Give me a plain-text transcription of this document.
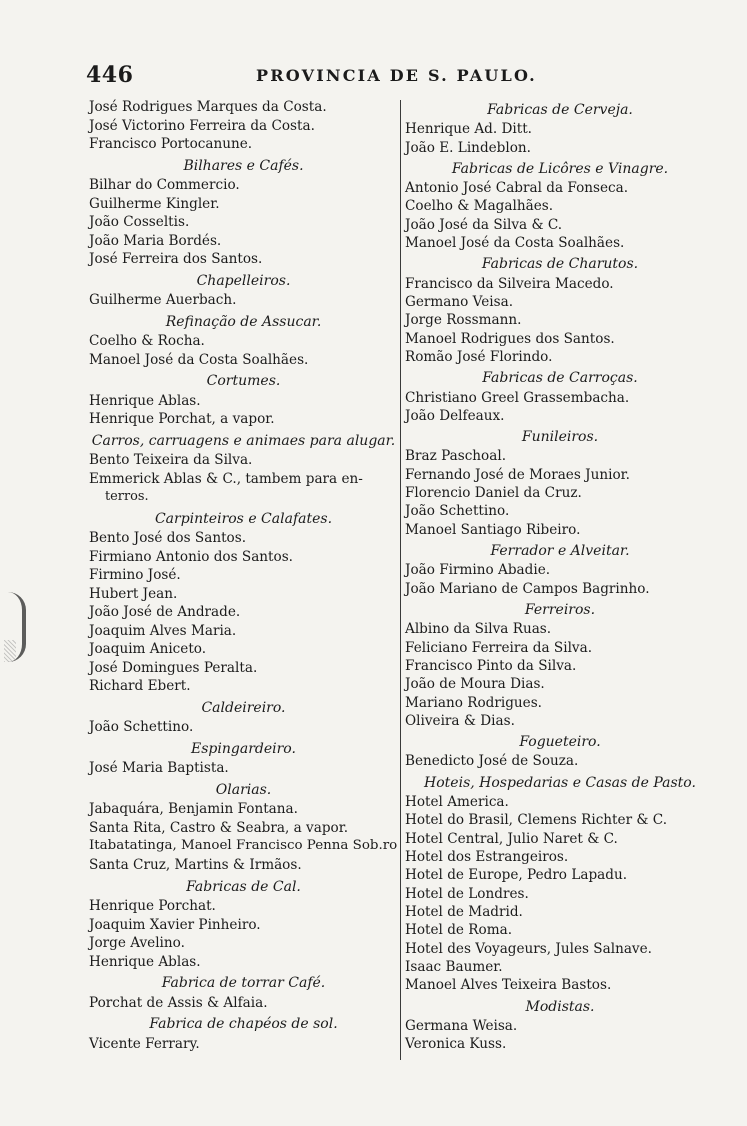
446	PROVINCIA DE S. PAULO.
José Rodrigues Marques da Costa.
José Victorino Ferreira da Costa.
Francisco Portocanune.
Bilhares e Cafés.
Bilhar do Commercio.
Guilherme Kingler.
João Cosseltis.
João Maria Bordés.
José Ferreira dos Santos.
Chapelleiros.
Guilherme Auerbach.
Refinação de Assucar.
Coelho & Rocha.
Manoel José da Costa Soalhães.
Cortumes.
Henrique Ablas.
Henrique Porchat, a vapor.
Carros, carruagens e animaes para alugar.
Bento Teixeira da Silva.
Emmerick Ablas & C., tambem para en-
terros.
Carpinteiros e Calafates.
Bento José dos Santos.
Firmiano Antonio dos Santos.
Firmino José.
Hubert Jean.
João José de Andrade.
Joaquim Alves Maria.
Joaquim Aniceto.
José Domingues Peralta.
Richard Ebert.
Caldeireiro.
João Schettino.
Espingardeiro.
José Maria Baptista.
Olarias.
Jabaquára, Benjamin Fontana.
Santa Rita, Castro & Seabra, a vapor.
Itabatatinga, Manoel Francisco Penna Sob.ro
Santa Cruz, Martins & Irmãos.
Fabricas de Cal.
Henrique Porchat.
Joaquim Xavier Pinheiro.
Jorge Avelino.
Henrique Ablas.
Fabrica de torrar Café.
Porchat de Assis & Alfaia.
Fabrica de chapéos de sol.
Vicente Ferrary.
Fabricas de Cerveja.
Henrique Ad. Ditt.
João E. Lindeblon.
Fabricas de Licôres e Vinagre.
Antonio José Cabral da Fonseca.
Coelho & Magalhães.
João José da Silva & C.
Manoel José da Costa Soalhães.
Fabricas de Charutos.
Francisco da Silveira Macedo.
Germano Veisa.
Jorge Rossmann.
Manoel Rodrigues dos Santos.
Romão José Florindo.
Fabricas de Carroças.
Christiano Greel Grassembacha.
João Delfeaux.
Funileiros.
Braz Paschoal.
Fernando José de Moraes Junior.
Florencio Daniel da Cruz.
João Schettino.
Manoel Santiago Ribeiro.
Ferrador e Alveitar.
João Firmino Abadie.
João Mariano de Campos Bagrinho.
Ferreiros.
Albino da Silva Ruas.
Feliciano Ferreira da Silva.
Francisco Pinto da Silva.
João de Moura Dias.
Mariano Rodrigues.
Oliveira & Dias.
Fogueteiro.
Benedicto José de Souza.
Hoteis, Hospedarias e Casas de Pasto.
Hotel America.
Hotel do Brasil, Clemens Richter & C.
Hotel Central, Julio Naret & C.
Hotel dos Estrangeiros.
Hotel de Europe, Pedro Lapadu.
Hotel de Londres.
Hotel de Madrid.
Hotel de Roma.
Hotel des Voyageurs, Jules Salnave.
Isaac Baumer.
Manoel Alves Teixeira Bastos.
Modistas.
Germana Weisa.
Veronica Kuss.
